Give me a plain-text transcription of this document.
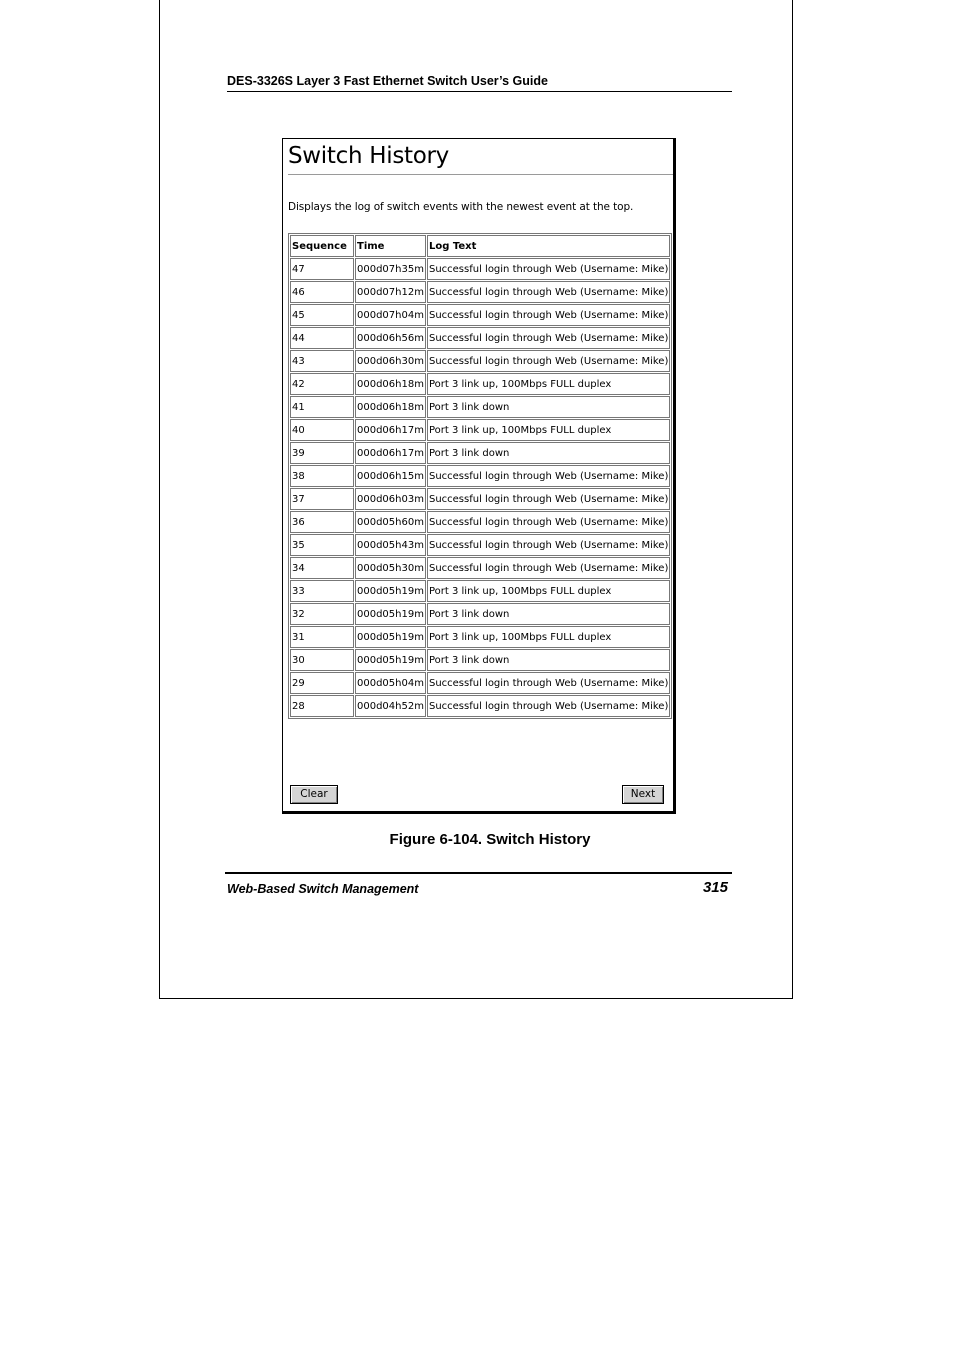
DES-3326S Layer 3 Fast Ethernet Switch User’s Guide
Switch History
Displays the log of switch events with the newest event at the top.
Sequence	Time	Log Text
47	000d07h35m	Successful login through Web (Username: Mike)
46	000d07h12m	Successful login through Web (Username: Mike)
45	000d07h04m	Successful login through Web (Username: Mike)
44	000d06h56m	Successful login through Web (Username: Mike)
43	000d06h30m	Successful login through Web (Username: Mike)
42	000d06h18m	Port 3 link up, 100Mbps FULL duplex
41	000d06h18m	Port 3 link down
40	000d06h17m	Port 3 link up, 100Mbps FULL duplex
39	000d06h17m	Port 3 link down
38	000d06h15m	Successful login through Web (Username: Mike)
37	000d06h03m	Successful login through Web (Username: Mike)
36	000d05h60m	Successful login through Web (Username: Mike)
35	000d05h43m	Successful login through Web (Username: Mike)
34	000d05h30m	Successful login through Web (Username: Mike)
33	000d05h19m	Port 3 link up, 100Mbps FULL duplex
32	000d05h19m	Port 3 link down
31	000d05h19m	Port 3 link up, 100Mbps FULL duplex
30	000d05h19m	Port 3 link down
29	000d05h04m	Successful login through Web (Username: Mike)
28	000d04h52m	Successful login through Web (Username: Mike)
Clear	Next
Figure 6-104. Switch History
Web-Based Switch Management	315
